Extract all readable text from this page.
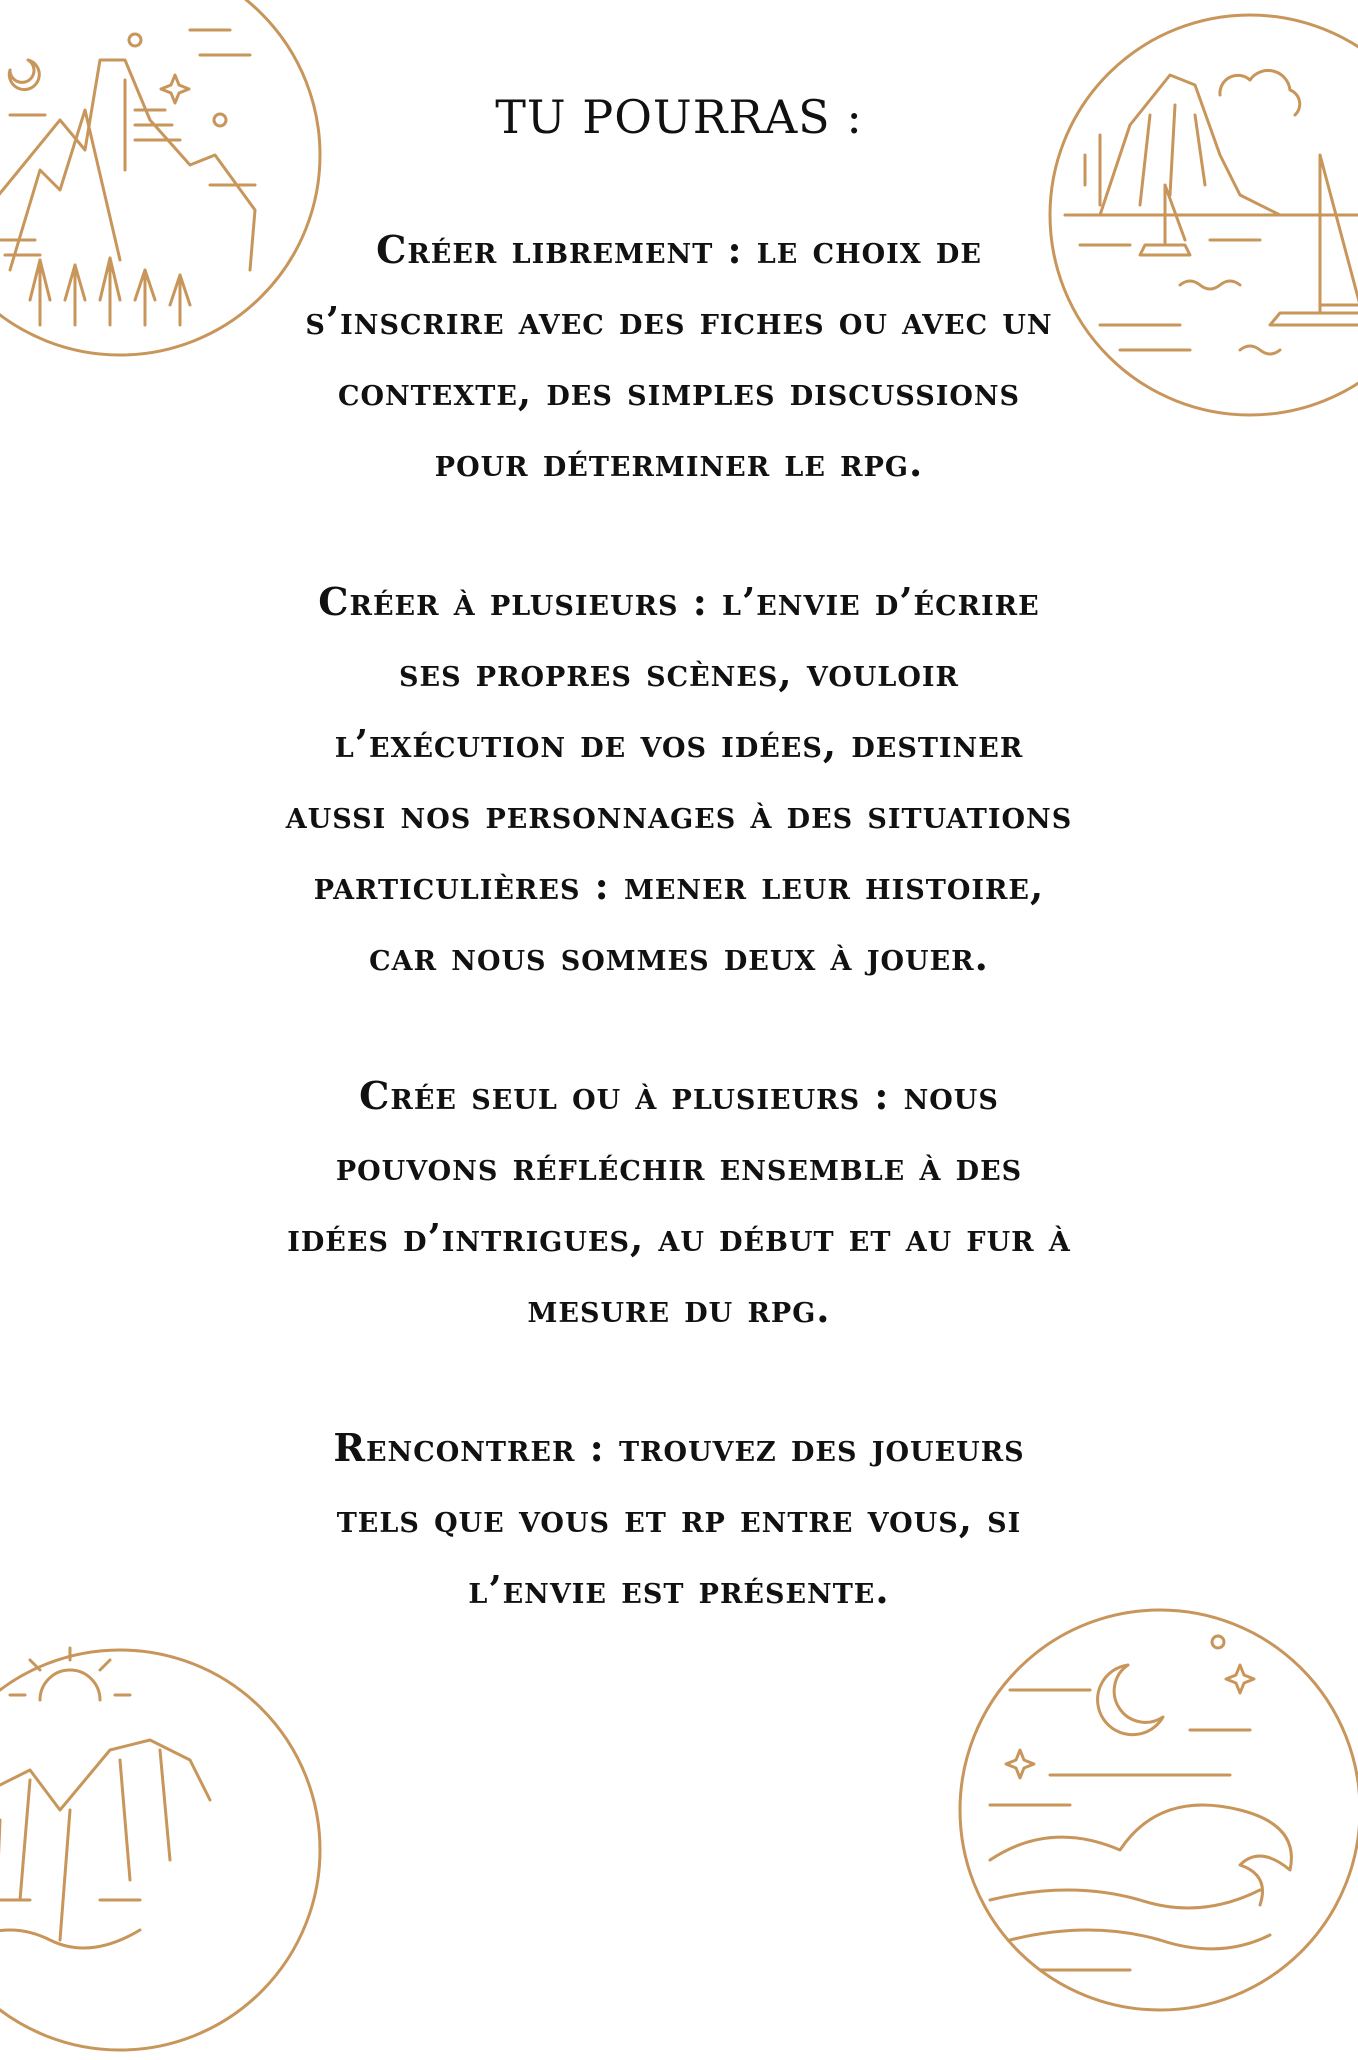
TU POURRAS :

Créer librement : le choix de
s’inscrire avec des fiches ou avec un
contexte, des simples discussions
pour déterminer le rpg.

Créer à plusieurs : l’envie d’écrire
ses propres scènes, vouloir
l’exécution de vos idées, destiner
aussi nos personnages à des situations
particulières : mener leur histoire,
car nous sommes deux à jouer.

Crée seul ou à plusieurs : nous
pouvons réfléchir ensemble à des
idées d’intrigues, au début et au fur à
mesure du rpg.

Rencontrer : trouvez des joueurs
tels que vous et rp entre vous, si
l’envie est présente.
